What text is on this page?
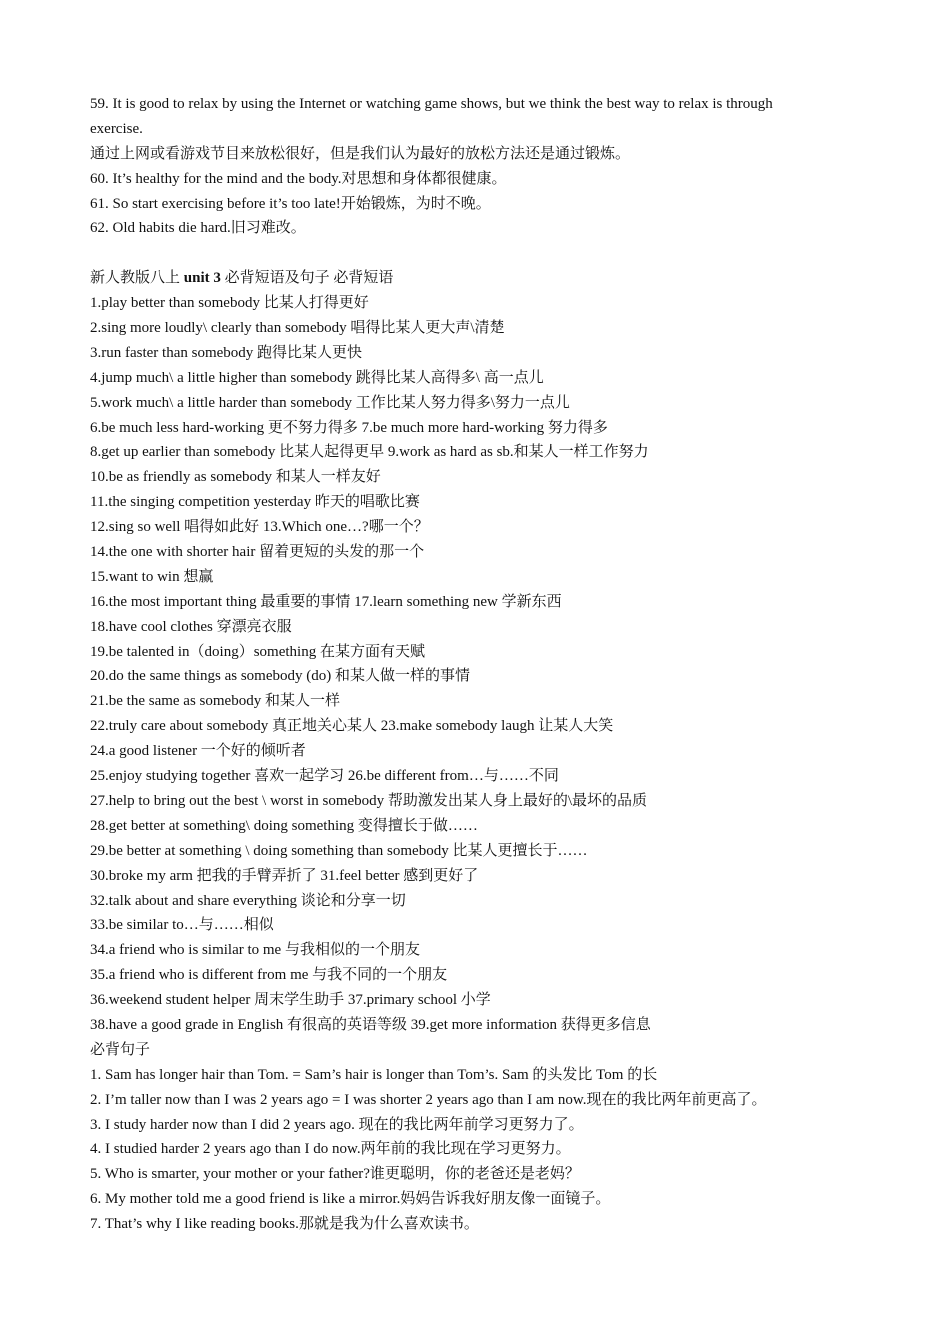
59. It is good to relax by using the Internet or watching game shows, but we think the best way to relax is through
exercise.
通过上网或看游戏节目来放松很好，但是我们认为最好的放松方法还是通过锻炼。
60. It’s healthy for the mind and the body.对思想和身体都很健康。
61. So start exercising before it’s too late!开始锻炼，为时不晚。
62. Old habits die hard.旧习难改。
新人教版八上 unit 3 必背短语及句子 必背短语
1.play better than somebody 比某人打得更好
2.sing more loudly\ clearly than somebody 唱得比某人更大声\清楚
3.run faster than somebody 跑得比某人更快
4.jump much\ a little higher than somebody 跳得比某人高得多\ 高一点儿
5.work much\ a little harder than somebody 工作比某人努力得多\努力一点儿
6.be much less hard-working 更不努力得多 7.be much more hard-working 努力得多
8.get up earlier than somebody 比某人起得更早 9.work as hard as sb.和某人一样工作努力
10.be as friendly as somebody 和某人一样友好
11.the singing competition yesterday 昨天的唱歌比赛
12.sing so well 唱得如此好 13.Which one…?哪一个？
14.the one with shorter hair 留着更短的头发的那一个
15.want to win 想赢
16.the most important thing 最重要的事情 17.learn something new 学新东西
18.have cool clothes 穿漂亮衣服
19.be talented in（doing）something 在某方面有天赋
20.do the same things as somebody (do) 和某人做一样的事情
21.be the same as somebody 和某人一样
22.truly care about somebody 真正地关心某人 23.make somebody laugh 让某人大笑
24.a good listener 一个好的倾听者
25.enjoy studying together 喜欢一起学习 26.be different from…与……不同
27.help to bring out the best \ worst in somebody 帮助激发出某人身上最好的\最坏的品质
28.get better at something\ doing something 变得擅长于做……
29.be better at something \ doing something than somebody 比某人更擅长于……
30.broke my arm 把我的手臂弄折了 31.feel better 感到更好了
32.talk about and share everything 谈论和分享一切
33.be similar to…与……相似
34.a friend who is similar to me 与我相似的一个朋友
35.a friend who is different from me 与我不同的一个朋友
36.weekend student helper 周末学生助手 37.primary school 小学
38.have a good grade in English 有很高的英语等级 39.get more information 获得更多信息
必背句子
1. Sam has longer hair than Tom. = Sam’s hair is longer than Tom’s. Sam 的头发比 Tom 的长
2. I’m taller now than I was 2 years ago = I was shorter 2 years ago than I am now.现在的我比两年前更高了。
3. I study harder now than I did 2 years ago. 现在的我比两年前学习更努力了。
4. I studied harder 2 years ago than I do now.两年前的我比现在学习更努力。
5. Who is smarter, your mother or your father?谁更聪明，你的老爸还是老妈？
6. My mother told me a good friend is like a mirror.妈妈告诉我好朋友像一面镜子。
7. That’s why I like reading books.那就是我为什么喜欢读书。
